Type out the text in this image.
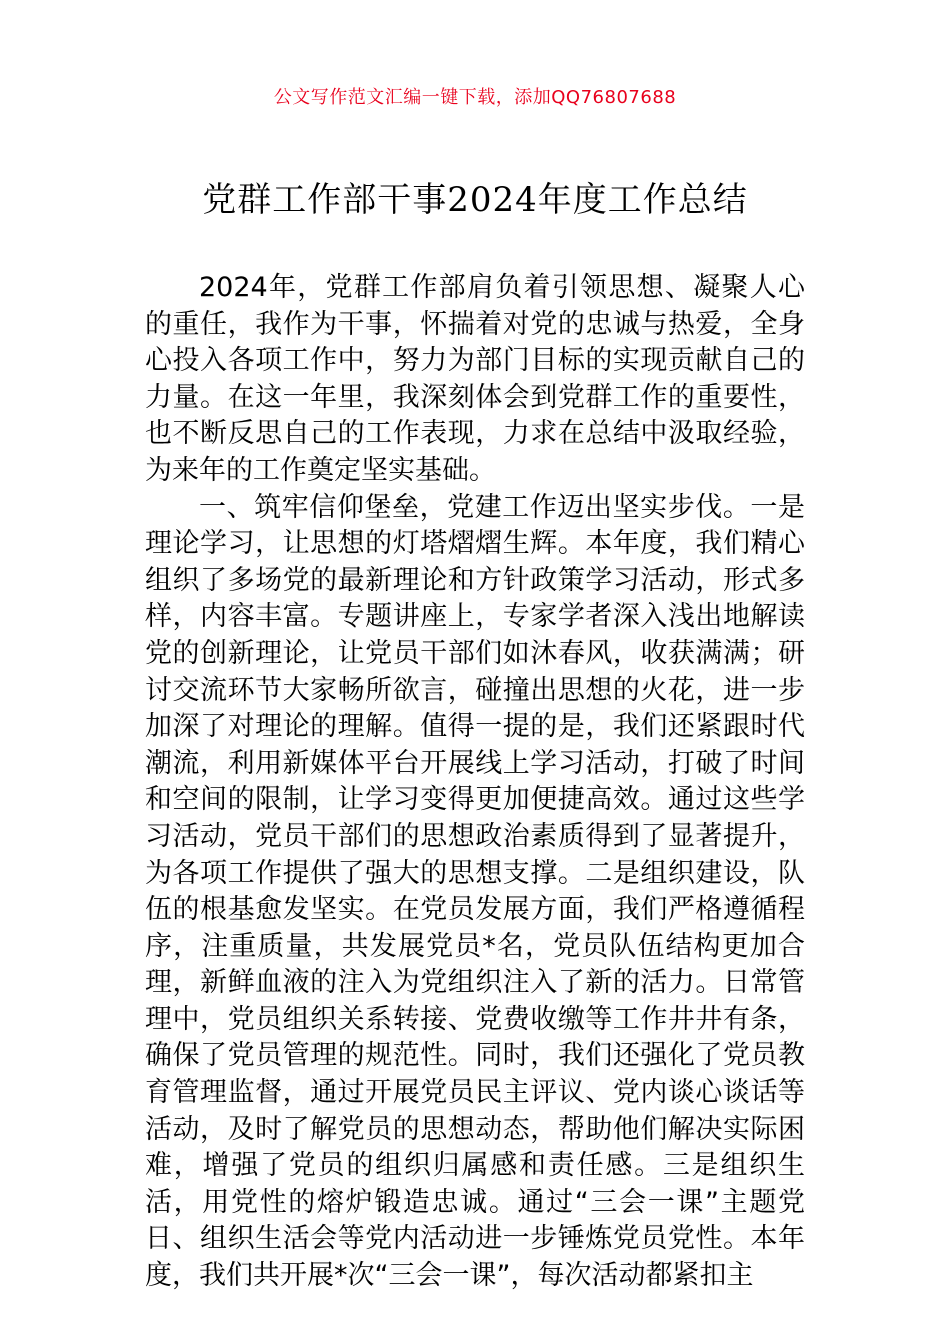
公文写作范文汇编一键下载，添加QQ76807688
党群工作部干事2024年度工作总结

2024年，党群工作部肩负着引领思想、凝聚人心的重任，我作为干事，怀揣着对党的忠诚与热爱，全身心投入各项工作中，努力为部门目标的实现贡献自己的力量。在这一年里，我深刻体会到党群工作的重要性，也不断反思自己的工作表现，力求在总结中汲取经验，为来年的工作奠定坚实基础。

一、筑牢信仰堡垒，党建工作迈出坚实步伐。一是理论学习，让思想的灯塔熠熠生辉。本年度，我们精心组织了多场党的最新理论和方针政策学习活动，形式多样，内容丰富。专题讲座上，专家学者深入浅出地解读党的创新理论，让党员干部们如沐春风，收获满满；研讨交流环节大家畅所欲言，碰撞出思想的火花，进一步加深了对理论的理解。值得一提的是，我们还紧跟时代潮流，利用新媒体平台开展线上学习活动，打破了时间和空间的限制，让学习变得更加便捷高效。通过这些学习活动，党员干部们的思想政治素质得到了显著提升，为各项工作提供了强大的思想支撑。二是组织建设，队伍的根基愈发坚实。在党员发展方面，我们严格遵循程序，注重质量，共发展党员*名，党员队伍结构更加合理，新鲜血液的注入为党组织注入了新的活力。日常管理中，党员组织关系转接、党费收缴等工作井井有条，确保了党员管理的规范性。同时，我们还强化了党员教育管理监督，通过开展党员民主评议、党内谈心谈话等活动，及时了解党员的思想动态，帮助他们解决实际困难，增强了党员的组织归属感和责任感。三是组织生活，用党性的熔炉锻造忠诚。通过“三会一课”主题党日、组织生活会等党内活动进一步锤炼党员党性。本年度，我们共开展*次“三会一课”，每次活动都紧扣主
